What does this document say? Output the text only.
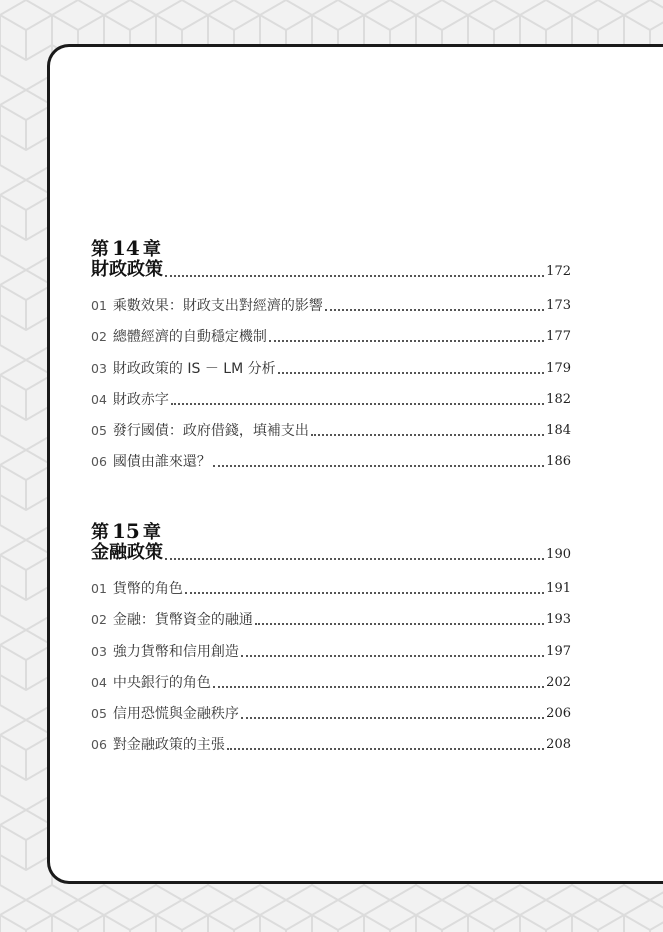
第 14 章
財政政策	172
01 乘數效果：財政支出對經濟的影響	173
02 總體經濟的自動穩定機制	177
03 財政政策的 IS － LM 分析	179
04 財政赤字	182
05 發行國債：政府借錢，填補支出	184
06 國債由誰來還？	186
第 15 章
金融政策	190
01 貨幣的角色	191
02 金融：貨幣資金的融通	193
03 強力貨幣和信用創造	197
04 中央銀行的角色	202
05 信用恐慌與金融秩序	206
06 對金融政策的主張	208
